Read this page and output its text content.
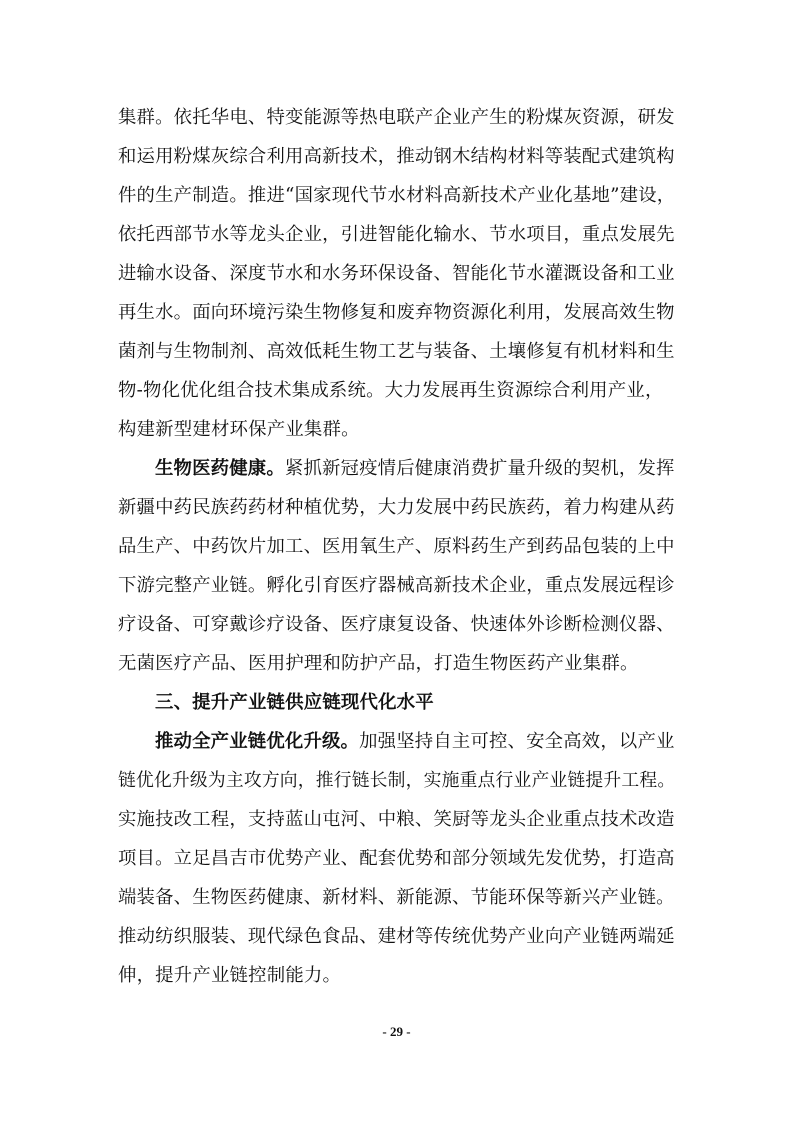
集群。依托华电、特变能源等热电联产企业产生的粉煤灰资源，研发
和运用粉煤灰综合利用高新技术，推动钢木结构材料等装配式建筑构
件的生产制造。推进“国家现代节水材料高新技术产业化基地”建设，
依托西部节水等龙头企业，引进智能化输水、节水项目，重点发展先
进输水设备、深度节水和水务环保设备、智能化节水灌溉设备和工业
再生水。面向环境污染生物修复和废弃物资源化利用，发展高效生物
菌剂与生物制剂、高效低耗生物工艺与装备、土壤修复有机材料和生
物-物化优化组合技术集成系统。大力发展再生资源综合利用产业，
构建新型建材环保产业集群。
生物医药健康。紧抓新冠疫情后健康消费扩量升级的契机，发挥
新疆中药民族药药材种植优势，大力发展中药民族药，着力构建从药
品生产、中药饮片加工、医用氧生产、原料药生产到药品包装的上中
下游完整产业链。孵化引育医疗器械高新技术企业，重点发展远程诊
疗设备、可穿戴诊疗设备、医疗康复设备、快速体外诊断检测仪器、
无菌医疗产品、医用护理和防护产品，打造生物医药产业集群。
三、提升产业链供应链现代化水平
推动全产业链优化升级。加强坚持自主可控、安全高效，以产业
链优化升级为主攻方向，推行链长制，实施重点行业产业链提升工程。
实施技改工程，支持蓝山屯河、中粮、笑厨等龙头企业重点技术改造
项目。立足昌吉市优势产业、配套优势和部分领域先发优势，打造高
端装备、生物医药健康、新材料、新能源、节能环保等新兴产业链。
推动纺织服装、现代绿色食品、建材等传统优势产业向产业链两端延
伸，提升产业链控制能力。
- 29 -
